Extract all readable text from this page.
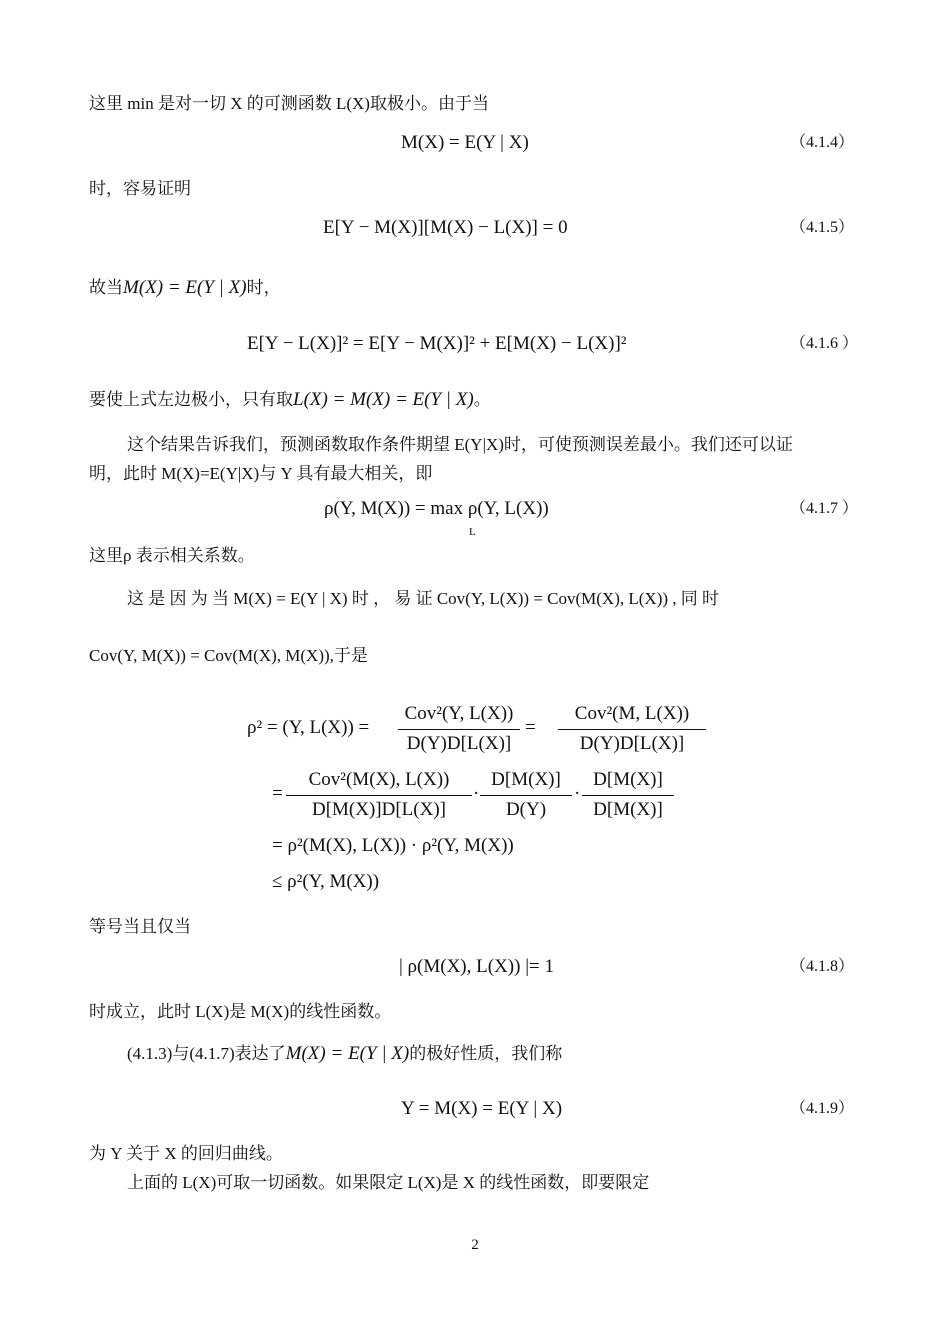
这里 min 是对一切 X 的可测函数 L(X)取极小。由于当
M(X) = E(Y | X)	（4.1.4）
时，容易证明
E[Y − M(X)][M(X) − L(X)] = 0	（4.1.5）
故当M(X) = E(Y | X)时，
E[Y − L(X)]² = E[Y − M(X)]² + E[M(X) − L(X)]²	（4.1.6 ）
要使上式左边极小，只有取L(X) = M(X) = E(Y | X)。
这个结果告诉我们，预测函数取作条件期望 E(Y|X)时，可使预测误差最小。我们还可以证
明，此时 M(X)=E(Y|X)与 Y 具有最大相关，即
ρ(Y, M(X)) = max ρ(Y, L(X))
L
（4.1.7 ）
这里ρ 表示相关系数。
这 是 因 为 当 M(X) = E(Y | X) 时 ， 易 证 Cov(Y, L(X)) = Cov(M(X), L(X)) , 同 时
Cov(Y, M(X)) = Cov(M(X), M(X)),于是
ρ² = (Y, L(X)) =
Cov²(Y, L(X))
D(Y)D[L(X)]
=
Cov²(M, L(X))
D(Y)D[L(X)]
=
Cov²(M(X), L(X))
D[M(X)]D[L(X)]
·
D[M(X)]
D(Y)
·
D[M(X)]
D[M(X)]
= ρ²(M(X), L(X)) · ρ²(Y, M(X))
≤ ρ²(Y, M(X))
等号当且仅当
| ρ(M(X), L(X)) |= 1	（4.1.8）
时成立，此时 L(X)是 M(X)的线性函数。
(4.1.3)与(4.1.7)表达了M(X) = E(Y | X)的极好性质，我们称
Y = M(X) = E(Y | X)	（4.1.9）
为 Y 关于 X 的回归曲线。
上面的 L(X)可取一切函数。如果限定 L(X)是 X 的线性函数，即要限定
2
